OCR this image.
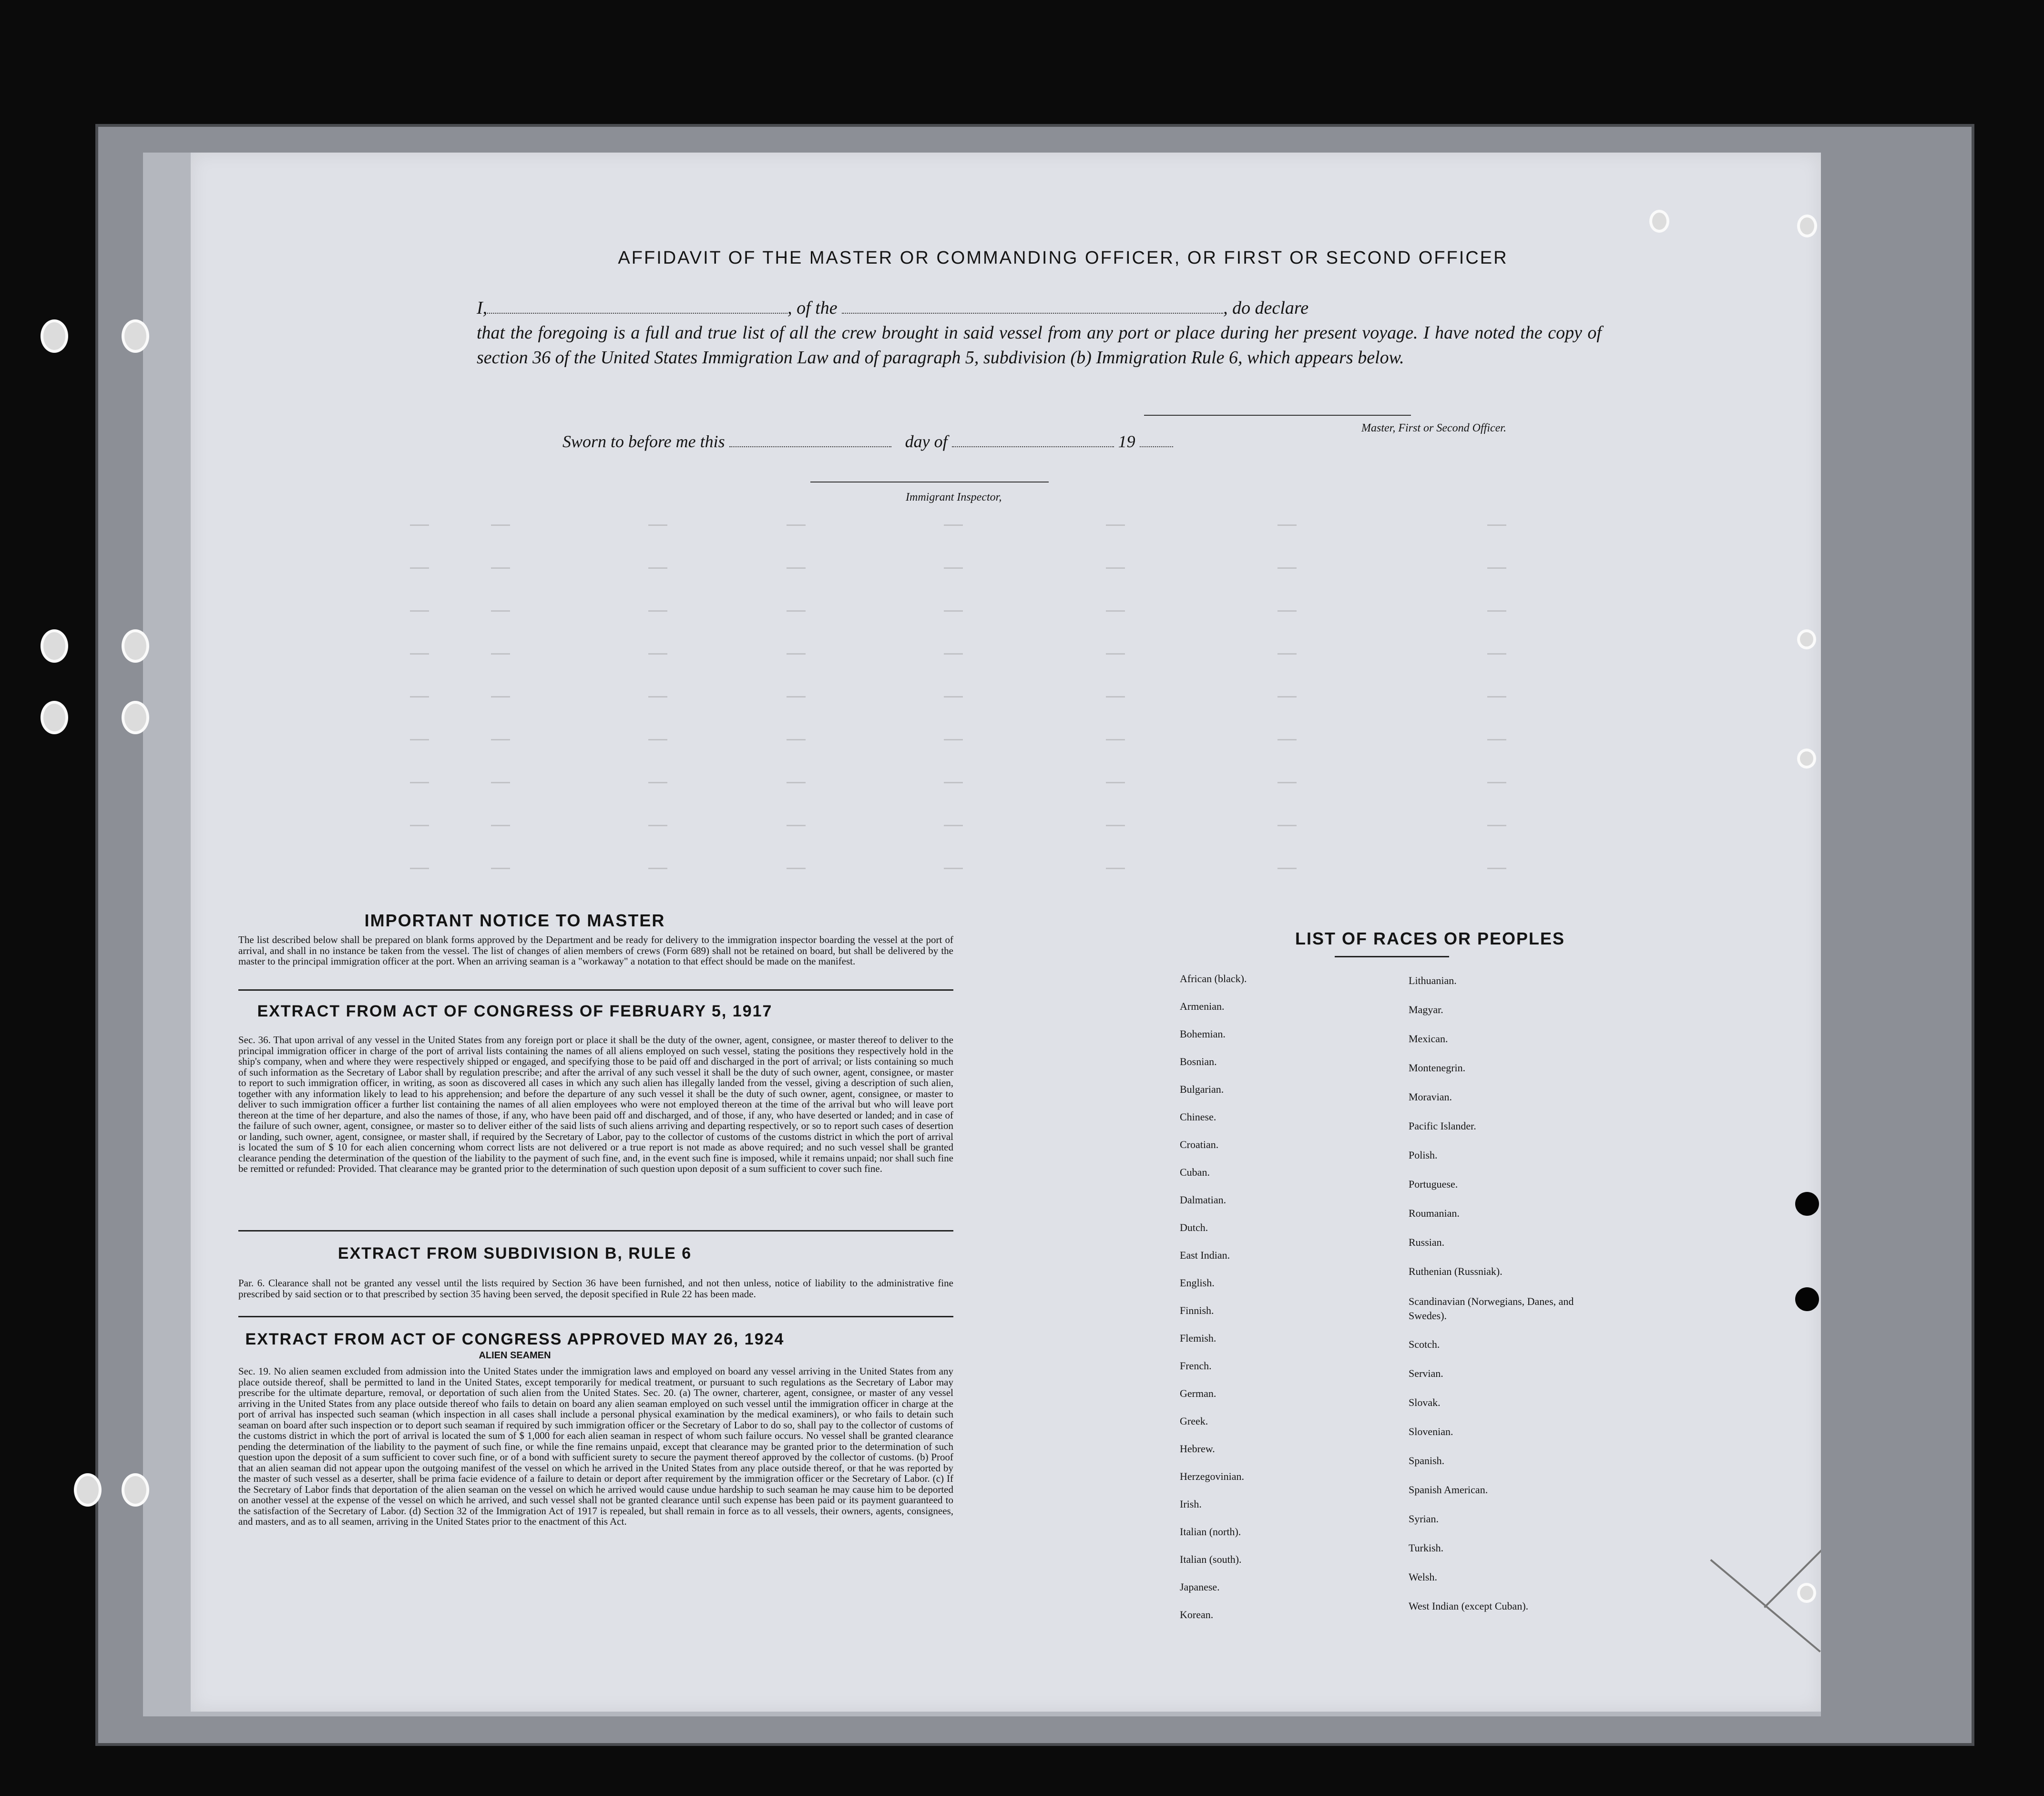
AFFIDAVIT OF THE MASTER OR COMMANDING OFFICER, OR FIRST OR SECOND OFFICER
I,	, of the	, do declare
that the foregoing is a full and true list of all the crew brought in said vessel from any port or place during her present voyage. I have noted the copy of section 36 of the United States Immigration Law and of paragraph 5, subdivision (b) Immigration Rule 6, which appears below.
Master, First or Second Officer.
Sworn to before me this	day of	19
Immigrant Inspector,
IMPORTANT NOTICE TO MASTER
The list described below shall be prepared on blank forms approved by the Department and be ready for delivery to the immigration inspector boarding the vessel at the port of arrival, and shall in no instance be taken from the vessel. The list of changes of alien members of crews (Form 689) shall not be retained on board, but shall be delivered by the master to the principal immigration officer at the port. When an arriving seaman is a "workaway" a notation to that effect should be made on the manifest.
EXTRACT FROM ACT OF CONGRESS OF FEBRUARY 5, 1917
Sec. 36. That upon arrival of any vessel in the United States from any foreign port or place it shall be the duty of the owner, agent, consignee, or master thereof to deliver to the principal immigration officer in charge of the port of arrival lists containing the names of all aliens employed on such vessel, stating the positions they respectively hold in the ship's company, when and where they were respectively shipped or engaged, and specifying those to be paid off and discharged in the port of arrival; or lists containing so much of such information as the Secretary of Labor shall by regulation prescribe; and after the arrival of any such vessel it shall be the duty of such owner, agent, consignee, or master to report to such immigration officer, in writing, as soon as discovered all cases in which any such alien has illegally landed from the vessel, giving a description of such alien, together with any information likely to lead to his apprehension; and before the departure of any such vessel it shall be the duty of such owner, agent, consignee, or master to deliver to such immigration officer a further list containing the names of all alien employees who were not employed thereon at the time of the arrival but who will leave port thereon at the time of her departure, and also the names of those, if any, who have been paid off and discharged, and of those, if any, who have deserted or landed; and in case of the failure of such owner, agent, consignee, or master so to deliver either of the said lists of such aliens arriving and departing respectively, or so to report such cases of desertion or landing, such owner, agent, consignee, or master shall, if required by the Secretary of Labor, pay to the collector of customs of the customs district in which the port of arrival is located the sum of $ 10 for each alien concerning whom correct lists are not delivered or a true report is not made as above required; and no such vessel shall be granted clearance pending the determination of the question of the liability to the payment of such fine, and, in the event such fine is imposed, while it remains unpaid; nor shall such fine be remitted or refunded: Provided. That clearance may be granted prior to the determination of such question upon deposit of a sum sufficient to cover such fine.
EXTRACT FROM SUBDIVISION B, RULE 6
Par. 6. Clearance shall not be granted any vessel until the lists required by Section 36 have been furnished, and not then unless, notice of liability to the administrative fine prescribed by said section or to that prescribed by section 35 having been served, the deposit specified in Rule 22 has been made.
EXTRACT FROM ACT OF CONGRESS APPROVED MAY 26, 1924
ALIEN SEAMEN
Sec. 19. No alien seamen excluded from admission into the United States under the immigration laws and employed on board any vessel arriving in the United States from any place outside thereof, shall be permitted to land in the United States, except temporarily for medical treatment, or pursuant to such regulations as the Secretary of Labor may prescribe for the ultimate departure, removal, or deportation of such alien from the United States. Sec. 20. (a) The owner, charterer, agent, consignee, or master of any vessel arriving in the United States from any place outside thereof who fails to detain on board any alien seaman employed on such vessel until the immigration officer in charge at the port of arrival has inspected such seaman (which inspection in all cases shall include a personal physical examination by the medical examiners), or who fails to detain such seaman on board after such inspection or to deport such seaman if required by such immigration officer or the Secretary of Labor to do so, shall pay to the collector of customs of the customs district in which the port of arrival is located the sum of $ 1,000 for each alien seaman in respect of whom such failure occurs. No vessel shall be granted clearance pending the determination of the liability to the payment of such fine, or while the fine remains unpaid, except that clearance may be granted prior to the determination of such question upon the deposit of a sum sufficient to cover such fine, or of a bond with sufficient surety to secure the payment thereof approved by the collector of customs. (b) Proof that an alien seaman did not appear upon the outgoing manifest of the vessel on which he arrived in the United States from any place outside thereof, or that he was reported by the master of such vessel as a deserter, shall be prima facie evidence of a failure to detain or deport after requirement by the immigration officer or the Secretary of Labor. (c) If the Secretary of Labor finds that deportation of the alien seaman on the vessel on which he arrived would cause undue hardship to such seaman he may cause him to be deported on another vessel at the expense of the vessel on which he arrived, and such vessel shall not be granted clearance until such expense has been paid or its payment guaranteed to the satisfaction of the Secretary of Labor. (d) Section 32 of the Immigration Act of 1917 is repealed, but shall remain in force as to all vessels, their owners, agents, consignees, and masters, and as to all seamen, arriving in the United States prior to the enactment of this Act.
LIST OF RACES OR PEOPLES
African (black).
Armenian.
Bohemian.
Bosnian.
Bulgarian.
Chinese.
Croatian.
Cuban.
Dalmatian.
Dutch.
East Indian.
English.
Finnish.
Flemish.
French.
German.
Greek.
Hebrew.
Herzegovinian.
Irish.
Italian (north).
Italian (south).
Japanese.
Korean.
Lithuanian.
Magyar.
Mexican.
Montenegrin.
Moravian.
Pacific Islander.
Polish.
Portuguese.
Roumanian.
Russian.
Ruthenian (Russniak).
Scandinavian (Norwegians, Danes, and Swedes).
Scotch.
Servian.
Slovak.
Slovenian.
Spanish.
Spanish American.
Syrian.
Turkish.
Welsh.
West Indian (except Cuban).
